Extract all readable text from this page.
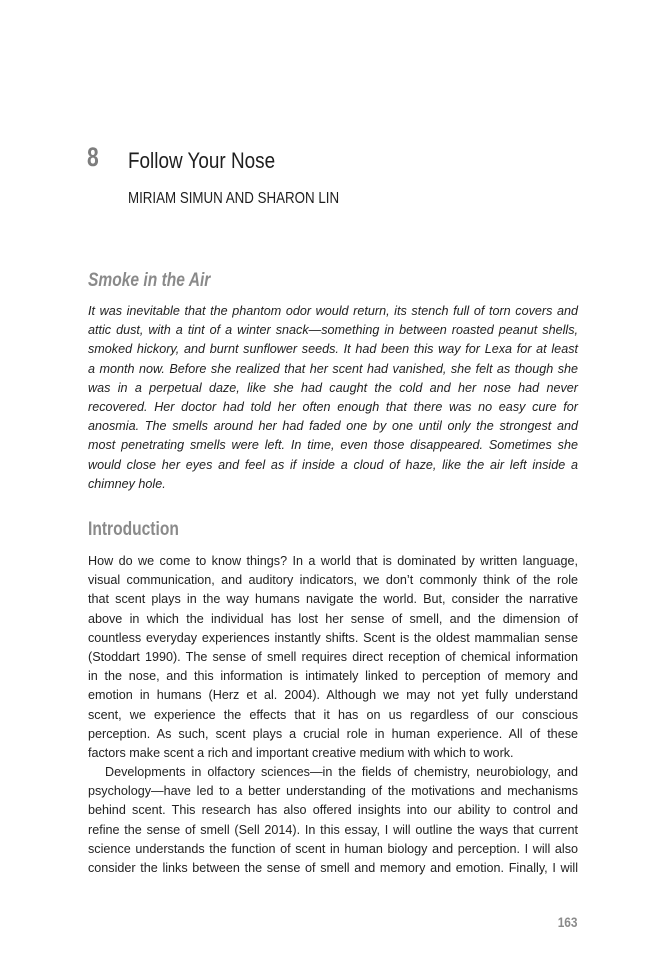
8 Follow Your Nose
MIRIAM SIMUN AND SHARON LIN
Smoke in the Air
It was inevitable that the phantom odor would return, its stench full of torn covers and
attic dust, with a tint of a winter snack—something in between roasted peanut shells,
smoked hickory, and burnt sunflower seeds. It had been this way for Lexa for at least
a month now. Before she realized that her scent had vanished, she felt as though she
was in a perpetual daze, like she had caught the cold and her nose had never
recovered. Her doctor had told her often enough that there was no easy cure for
anosmia. The smells around her had faded one by one until only the strongest and
most penetrating smells were left. In time, even those disappeared. Sometimes she
would close her eyes and feel as if inside a cloud of haze, like the air left inside a
chimney hole.
Introduction
How do we come to know things? In a world that is dominated by written language,
visual communication, and auditory indicators, we don’t commonly think of the role
that scent plays in the way humans navigate the world. But, consider the narrative
above in which the individual has lost her sense of smell, and the dimension of
countless everyday experiences instantly shifts. Scent is the oldest mammalian sense
(Stoddart 1990). The sense of smell requires direct reception of chemical information
in the nose, and this information is intimately linked to perception of memory and
emotion in humans (Herz et al. 2004). Although we may not yet fully understand
scent, we experience the effects that it has on us regardless of our conscious
perception. As such, scent plays a crucial role in human experience. All of these
factors make scent a rich and important creative medium with which to work.
Developments in olfactory sciences—in the fields of chemistry, neurobiology, and
psychology—have led to a better understanding of the motivations and mechanisms
behind scent. This research has also offered insights into our ability to control and
refine the sense of smell (Sell 2014). In this essay, I will outline the ways that current
science understands the function of scent in human biology and perception. I will also
consider the links between the sense of smell and memory and emotion. Finally, I will
163
